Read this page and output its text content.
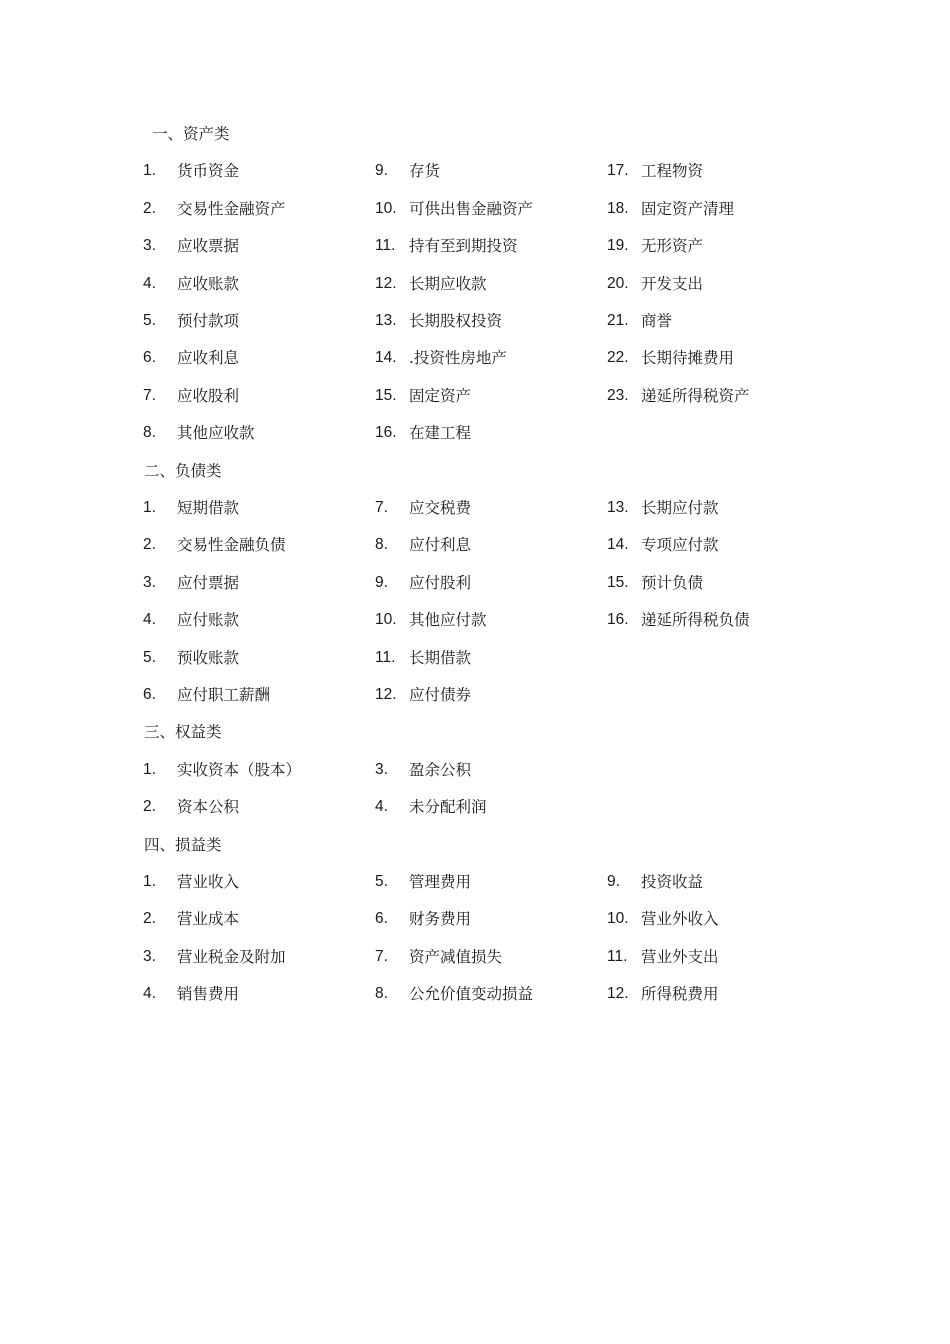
一、资产类
1. 货币资金	9. 存货	17. 工程物资
2. 交易性金融资产	10. 可供出售金融资产	18. 固定资产清理
3. 应收票据	11. 持有至到期投资	19. 无形资产
4. 应收账款	12. 长期应收款	20. 开发支出
5. 预付款项	13. 长期股权投资	21. 商誉
6. 应收利息	14. .投资性房地产	22. 长期待摊费用
7. 应收股利	15. 固定资产	23. 递延所得税资产
8. 其他应收款	16. 在建工程
二、负债类
1. 短期借款	7. 应交税费	13. 长期应付款
2. 交易性金融负债	8. 应付利息	14. 专项应付款
3. 应付票据	9. 应付股利	15. 预计负债
4. 应付账款	10. 其他应付款	16. 递延所得税负债
5. 预收账款	11. 长期借款
6. 应付职工薪酬	12. 应付债券
三、权益类
1. 实收资本（股本）	3. 盈余公积
2. 资本公积	4. 未分配利润
四、损益类
1. 营业收入	5. 管理费用	9. 投资收益
2. 营业成本	6. 财务费用	10. 营业外收入
3. 营业税金及附加	7. 资产减值损失	11. 营业外支出
4. 销售费用	8. 公允价值变动损益	12. 所得税费用
